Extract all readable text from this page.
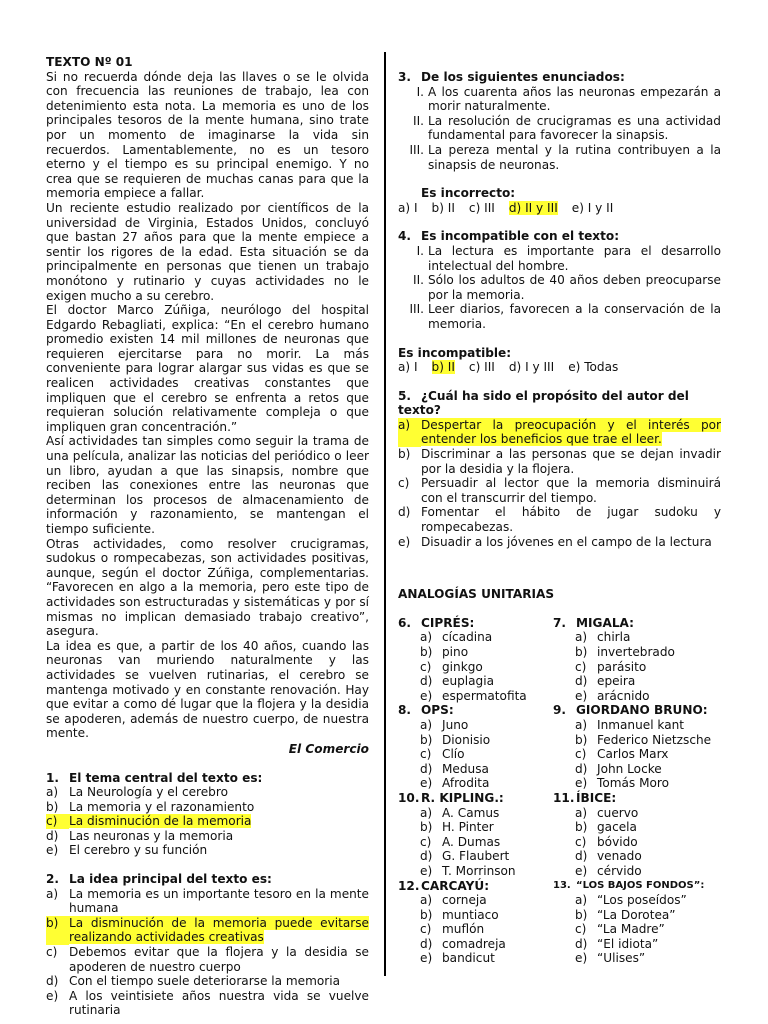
TEXTO Nº 01

Si no recuerda dónde deja las llaves o se le olvida con frecuencia las reuniones de trabajo, lea con detenimiento esta nota. La memoria es uno de los principales tesoros de la mente humana, sino trate por un momento de imaginarse la vida sin recuerdos. Lamentablemente, no es un tesoro eterno y el tiempo es su principal enemigo. Y no crea que se requieren de muchas canas para que la memoria empiece a fallar.

Un reciente estudio realizado por científicos de la universidad de Virginia, Estados Unidos, concluyó que bastan 27 años para que la mente empiece a sentir los rigores de la edad. Esta situación se da principalmente en personas que tienen un trabajo monótono y rutinario y cuyas actividades no le exigen mucho a su cerebro.

El doctor Marco Zúñiga, neurólogo del hospital Edgardo Rebagliati, explica: “En el cerebro humano promedio existen 14 mil millones de neuronas que requieren ejercitarse para no morir. La más conveniente para lograr alargar sus vidas es que se realicen actividades creativas constantes que impliquen que el cerebro se enfrenta a retos que requieran solución relativamente compleja o que impliquen gran concentración.”

Así actividades tan simples como seguir la trama de una película, analizar las noticias del periódico o leer un libro, ayudan a que las sinapsis, nombre que reciben las conexiones entre las neuronas que determinan los procesos de almacenamiento de información y razonamiento, se mantengan el tiempo suficiente.

Otras actividades, como resolver crucigramas, sudokus o rompecabezas, son actividades positivas, aunque, según el doctor Zúñiga, complementarias. “Favorecen en algo a la memoria, pero este tipo de actividades son estructuradas y sistemáticas y por sí mismas no implican demasiado trabajo creativo”, asegura.

La idea es que, a partir de los 40 años, cuando las neuronas van muriendo naturalmente y las actividades se vuelven rutinarias, el cerebro se mantenga motivado y en constante renovación. Hay que evitar a como dé lugar que la flojera y la desidia se apoderen, además de nuestro cuerpo, de nuestra mente.

El Comercio

1. El tema central del texto es:
a) La Neurología y el cerebro
b) La memoria y el razonamiento
c) La disminución de la memoria
d) Las neuronas y la memoria
e) El cerebro y su función
2. La idea principal del texto es:
a) La memoria es un importante tesoro en la mente humana
b) La disminución de la memoria puede evitarse realizando actividades creativas
c) Debemos evitar que la flojera y la desidia se apoderen de nuestro cuerpo
d) Con el tiempo suele deteriorarse la memoria
e) A los veintisiete años nuestra vida se vuelve rutinaria
3. De los siguientes enunciados:
I. A los cuarenta años las neuronas empezarán a morir naturalmente.
II. La resolución de crucigramas es una actividad fundamental para favorecer la sinapsis.
III. La pereza mental y la rutina contribuyen a la sinapsis de neuronas.
Es incorrecto:
a) I b) II c) III d) II y III e) I y II
4. Es incompatible con el texto:
I. La lectura es importante para el desarrollo intelectual del hombre.
II. Sólo los adultos de 40 años deben preocuparse por la memoria.
III. Leer diarios, favorecen a la conservación de la memoria.
Es incompatible:
a) I b) II c) III d) I y III e) Todas
5. ¿Cuál ha sido el propósito del autor del texto?
a) Despertar la preocupación y el interés por entender los beneficios que trae el leer.
b) Discriminar a las personas que se dejan invadir por la desidia y la flojera.
c) Persuadir al lector que la memoria disminuirá con el transcurrir del tiempo.
d) Fomentar el hábito de jugar sudoku y rompecabezas.
e) Disuadir a los jóvenes en el campo de la lectura
ANALOGÍAS UNITARIAS
6. CIPRÉS:
a) cícadina
b) pino
c) ginkgo
d) euplagia
e) espermatofita
7. MIGALA:
a) chirla
b) invertebrado
c) parásito
d) epeira
e) arácnido
8. OPS:
a) Juno
b) Dionisio
c) Clío
d) Medusa
e) Afrodita
9. GIORDANO BRUNO:
a) Inmanuel kant
b) Federico Nietzsche
c) Carlos Marx
d) John Locke
e) Tomás Moro
10. R. KIPLING.:
a) A. Camus
b) H. Pinter
c) A. Dumas
d) G. Flaubert
e) T. Morrinson
11. ÍBICE:
a) cuervo
b) gacela
c) bóvido
d) venado
e) cérvido
12. CARCAYÚ:
a) corneja
b) muntiaco
c) muflón
d) comadreja
e) bandicut
13. “LOS BAJOS FONDOS”:
a) “Los poseídos”
b) “La Dorotea”
c) “La Madre”
d) “El idiota”
e) “Ulises”
